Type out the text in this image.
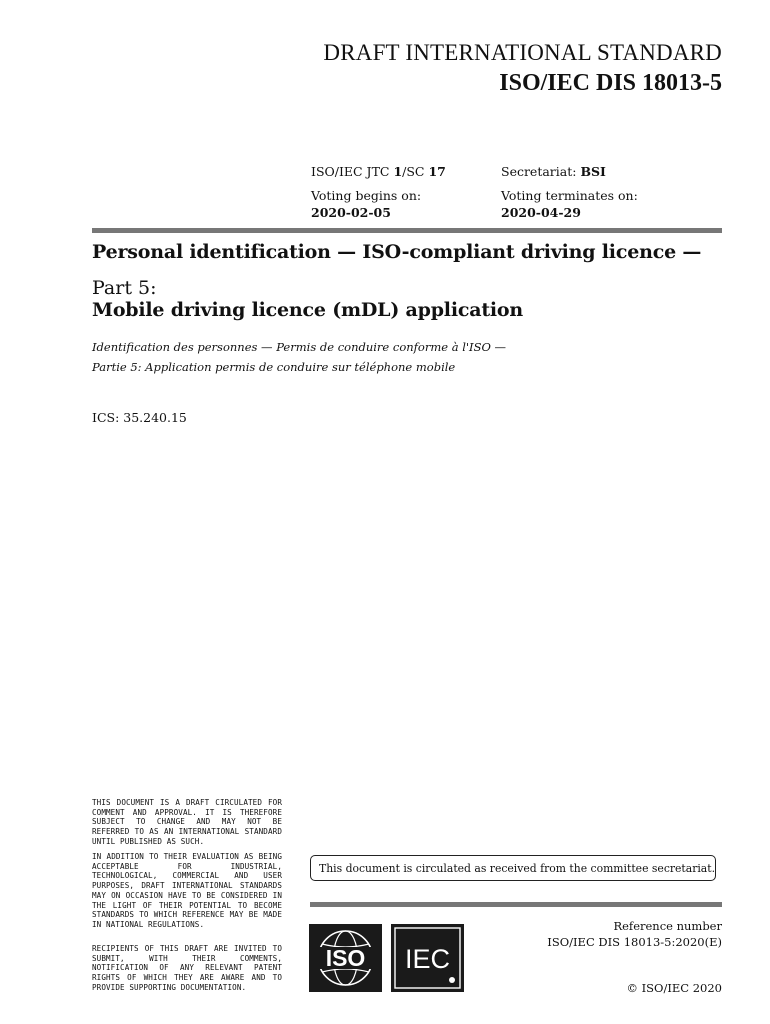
DRAFT INTERNATIONAL STANDARD
ISO/IEC DIS 18013-5
ISO/IEC JTC 1/SC 17	Secretariat: BSI
Voting begins on:
2020-02-05
Voting terminates on:
2020-04-29
Personal identification — ISO-compliant driving licence —
Part 5:
Mobile driving licence (mDL) application
Identification des personnes — Permis de conduire conforme à l'ISO —
Partie 5: Application permis de conduire sur téléphone mobile
ICS: 35.240.15
THIS DOCUMENT IS A DRAFT CIRCULATED FOR COMMENT AND APPROVAL. IT IS THEREFORE SUBJECT TO CHANGE AND MAY NOT BE REFERRED TO AS AN INTERNATIONAL STANDARD UNTIL PUBLISHED AS SUCH.
IN ADDITION TO THEIR EVALUATION AS BEING ACCEPTABLE FOR INDUSTRIAL, TECHNOLOGICAL, COMMERCIAL AND USER PURPOSES, DRAFT INTERNATIONAL STANDARDS MAY ON OCCASION HAVE TO BE CONSIDERED IN THE LIGHT OF THEIR POTENTIAL TO BECOME STANDARDS TO WHICH REFERENCE MAY BE MADE IN NATIONAL REGULATIONS.
RECIPIENTS OF THIS DRAFT ARE INVITED TO SUBMIT, WITH THEIR COMMENTS, NOTIFICATION OF ANY RELEVANT PATENT RIGHTS OF WHICH THEY ARE AWARE AND TO PROVIDE SUPPORTING DOCUMENTATION.
This document is circulated as received from the committee secretariat.
ISO IEC
Reference number
ISO/IEC DIS 18013-5:2020(E)
© ISO/IEC 2020
